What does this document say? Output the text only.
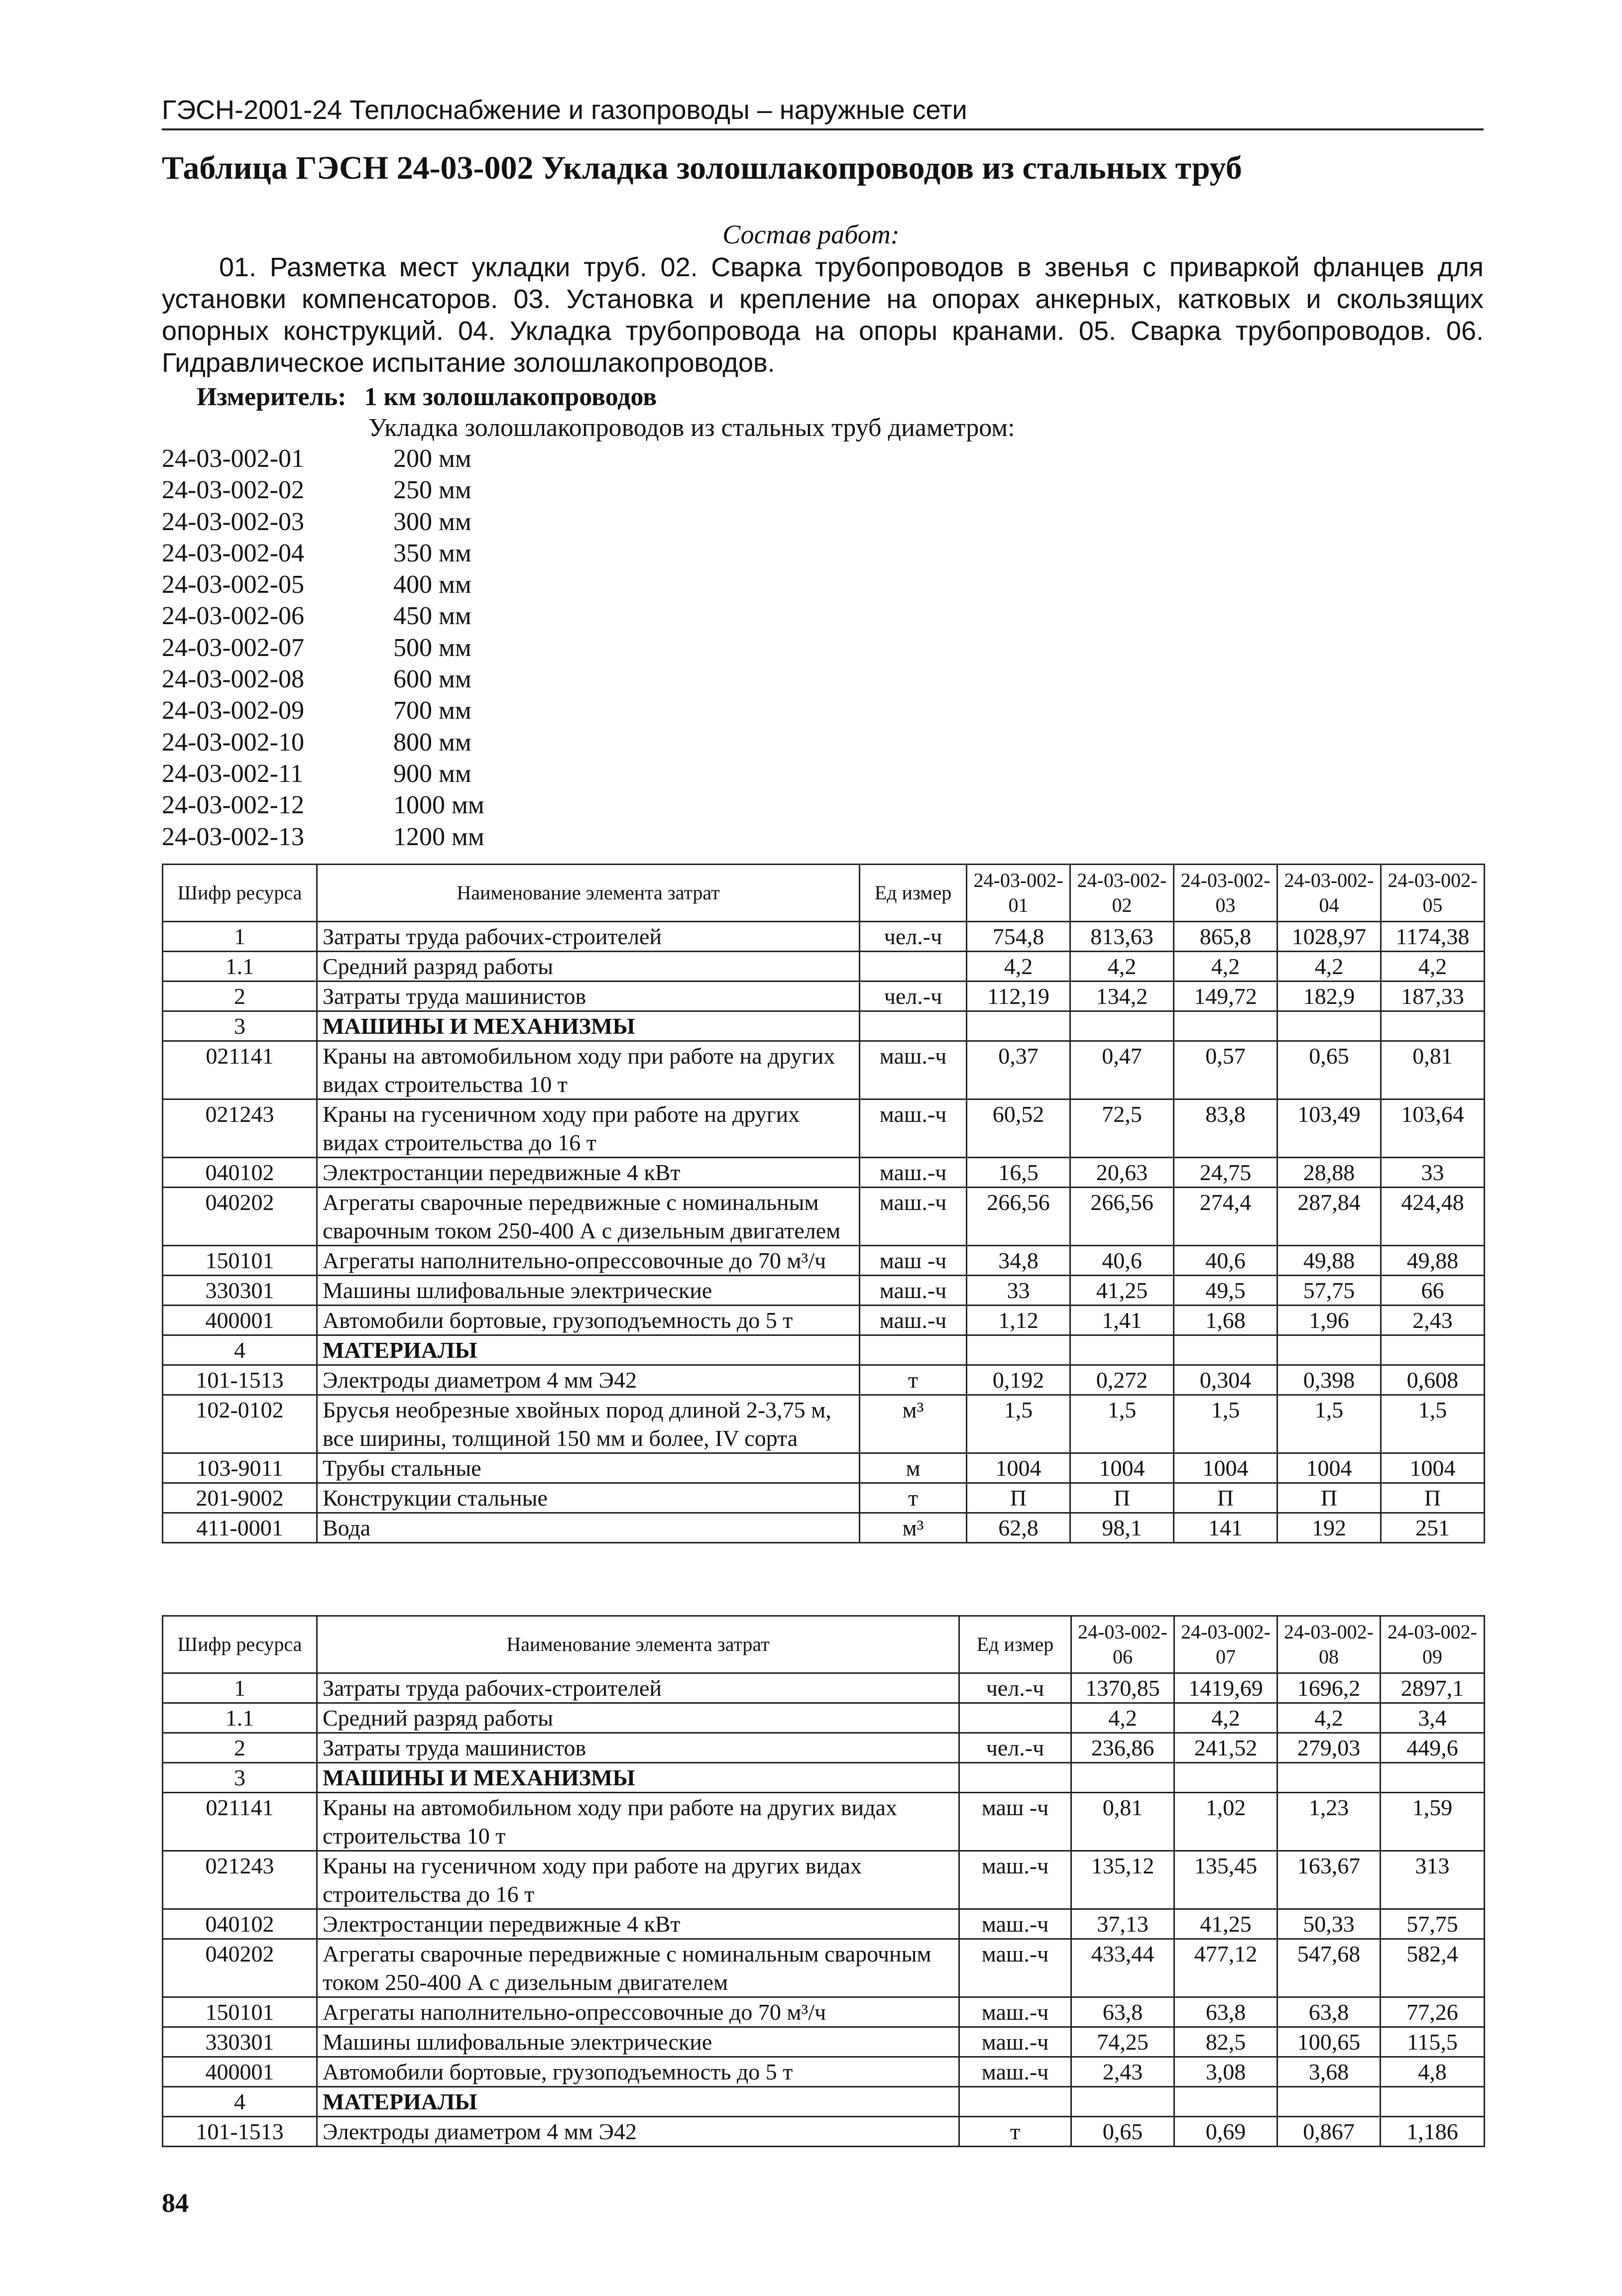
ГЭСН-2001-24 Теплоснабжение и газопроводы – наружные сети
Таблица ГЭСН 24-03-002 Укладка золошлакопроводов из стальных труб
Состав работ:
01. Разметка мест укладки труб. 02. Сварка трубопроводов в звенья с приваркой фланцев для установки компенсаторов. 03. Установка и крепление на опорах анкерных, катковых и скользящих опорных конструкций. 04. Укладка трубопровода на опоры кранами. 05. Сварка трубопроводов. 06. Гидравлическое испытание золошлакопроводов.
Измеритель: 1 км золошлакопроводов
Укладка золошлакопроводов из стальных труб диаметром:
24-03-002-01	200 мм
24-03-002-02	250 мм
24-03-002-03	300 мм
24-03-002-04	350 мм
24-03-002-05	400 мм
24-03-002-06	450 мм
24-03-002-07	500 мм
24-03-002-08	600 мм
24-03-002-09	700 мм
24-03-002-10	800 мм
24-03-002-11	900 мм
24-03-002-12	1000 мм
24-03-002-13	1200 мм
Шифр ресурса	Наименование элемента затрат	Ед измер	24-03-002-01	24-03-002-02	24-03-002-03	24-03-002-04	24-03-002-05
1	Затраты труда рабочих-строителей	чел.-ч	754,8	813,63	865,8	1028,97	1174,38
1.1	Средний разряд работы		4,2	4,2	4,2	4,2	4,2
2	Затраты труда машинистов	чел.-ч	112,19	134,2	149,72	182,9	187,33
3	МАШИНЫ И МЕХАНИЗМЫ						
021141	Краны на автомобильном ходу при работе на других видах строительства 10 т	маш.-ч	0,37	0,47	0,57	0,65	0,81
021243	Краны на гусеничном ходу при работе на других видах строительства до 16 т	маш.-ч	60,52	72,5	83,8	103,49	103,64
040102	Электростанции передвижные 4 кВт	маш.-ч	16,5	20,63	24,75	28,88	33
040202	Агрегаты сварочные передвижные с номинальным сварочным током 250-400 А с дизельным двигателем	маш.-ч	266,56	266,56	274,4	287,84	424,48
150101	Агрегаты наполнительно-опрессовочные до 70 м³/ч	маш -ч	34,8	40,6	40,6	49,88	49,88
330301	Машины шлифовальные электрические	маш.-ч	33	41,25	49,5	57,75	66
400001	Автомобили бортовые, грузоподъемность до 5 т	маш.-ч	1,12	1,41	1,68	1,96	2,43
4	МАТЕРИАЛЫ						
101-1513	Электроды диаметром 4 мм Э42	т	0,192	0,272	0,304	0,398	0,608
102-0102	Брусья необрезные хвойных пород длиной 2-3,75 м, все ширины, толщиной 150 мм и более, IV сорта	м³	1,5	1,5	1,5	1,5	1,5
103-9011	Трубы стальные	м	1004	1004	1004	1004	1004
201-9002	Конструкции стальные	т	П	П	П	П	П
411-0001	Вода	м³	62,8	98,1	141	192	251
Шифр ресурса	Наименование элемента затрат	Ед измер	24-03-002-06	24-03-002-07	24-03-002-08	24-03-002-09
1	Затраты труда рабочих-строителей	чел.-ч	1370,85	1419,69	1696,2	2897,1
1.1	Средний разряд работы		4,2	4,2	4,2	3,4
2	Затраты труда машинистов	чел.-ч	236,86	241,52	279,03	449,6
3	МАШИНЫ И МЕХАНИЗМЫ					
021141	Краны на автомобильном ходу при работе на других видах строительства 10 т	маш -ч	0,81	1,02	1,23	1,59
021243	Краны на гусеничном ходу при работе на других видах строительства до 16 т	маш.-ч	135,12	135,45	163,67	313
040102	Электростанции передвижные 4 кВт	маш.-ч	37,13	41,25	50,33	57,75
040202	Агрегаты сварочные передвижные с номинальным сварочным током 250-400 А с дизельным двигателем	маш.-ч	433,44	477,12	547,68	582,4
150101	Агрегаты наполнительно-опрессовочные до 70 м³/ч	маш.-ч	63,8	63,8	63,8	77,26
330301	Машины шлифовальные электрические	маш.-ч	74,25	82,5	100,65	115,5
400001	Автомобили бортовые, грузоподъемность до 5 т	маш.-ч	2,43	3,08	3,68	4,8
4	МАТЕРИАЛЫ					
101-1513	Электроды диаметром 4 мм Э42	т	0,65	0,69	0,867	1,186
84
